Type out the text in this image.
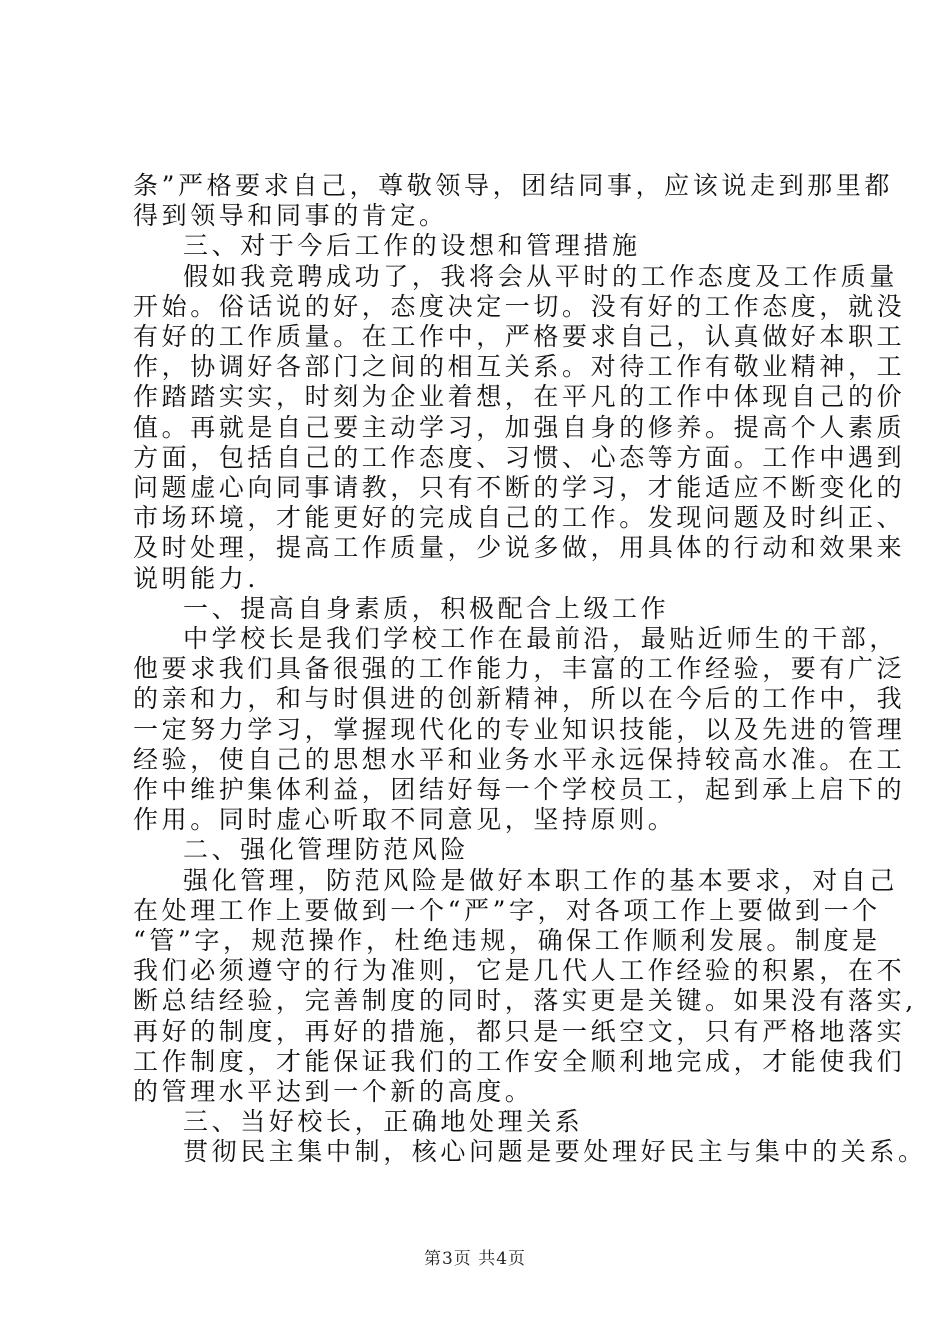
条”严格要求自己，尊敬领导，团结同事，应该说走到那里都
得到领导和同事的肯定。
三、对于今后工作的设想和管理措施
假如我竞聘成功了，我将会从平时的工作态度及工作质量
开始。俗话说的好，态度决定一切。没有好的工作态度，就没
有好的工作质量。在工作中，严格要求自己，认真做好本职工
作，协调好各部门之间的相互关系。对待工作有敬业精神，工
作踏踏实实，时刻为企业着想，在平凡的工作中体现自己的价
值。再就是自己要主动学习，加强自身的修养。提高个人素质
方面，包括自己的工作态度、习惯、心态等方面。工作中遇到
问题虚心向同事请教，只有不断的学习，才能适应不断变化的
市场环境，才能更好的完成自己的工作。发现问题及时纠正、
及时处理，提高工作质量，少说多做，用具体的行动和效果来
说明能力.
一、提高自身素质，积极配合上级工作
中学校长是我们学校工作在最前沿，最贴近师生的干部，
他要求我们具备很强的工作能力，丰富的工作经验，要有广泛
的亲和力，和与时俱进的创新精神，所以在今后的工作中，我
一定努力学习，掌握现代化的专业知识技能，以及先进的管理
经验，使自己的思想水平和业务水平永远保持较高水准。在工
作中维护集体利益，团结好每一个学校员工，起到承上启下的
作用。同时虚心听取不同意见，坚持原则。
二、强化管理防范风险
强化管理，防范风险是做好本职工作的基本要求，对自己
在处理工作上要做到一个“严”字，对各项工作上要做到一个
“管”字，规范操作，杜绝违规，确保工作顺利发展。制度是
我们必须遵守的行为准则，它是几代人工作经验的积累，在不
断总结经验，完善制度的同时，落实更是关键。如果没有落实,
再好的制度，再好的措施，都只是一纸空文，只有严格地落实
工作制度，才能保证我们的工作安全顺利地完成，才能使我们
的管理水平达到一个新的高度。
三、当好校长，正确地处理关系
贯彻民主集中制，核心问题是要处理好民主与集中的关系。
第3页 共4页
